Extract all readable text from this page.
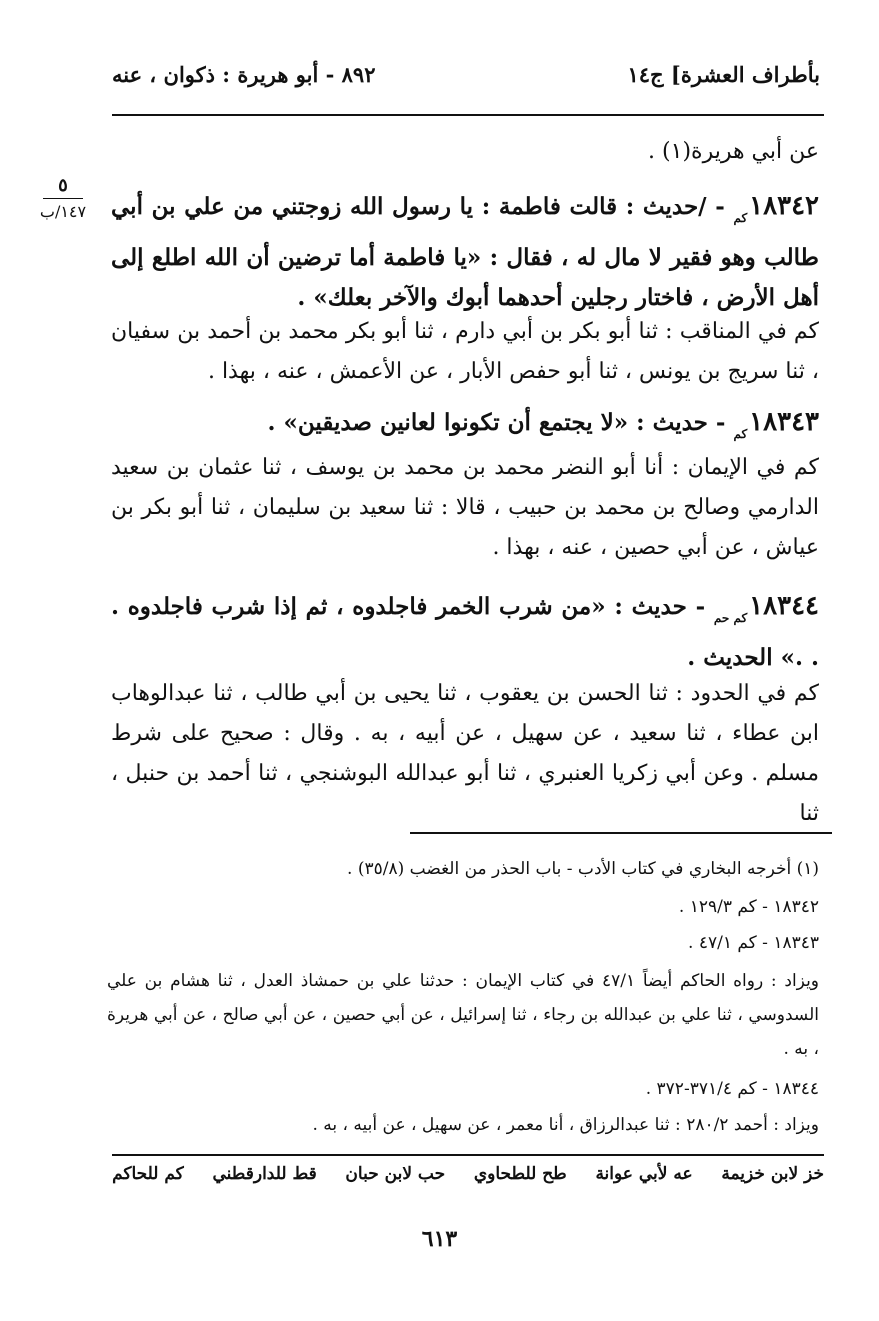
بأطراف العشرة] ج١٤
٨٩٢ - أبو هريرة : ذكوان ، عنه
٥
١٤٧/ب
عن أبي هريرة(١) .
١٨٣٤٢كم - /حديث : قالت فاطمة : يا رسول الله زوجتني من علي بن أبي طالب وهو فقير لا مال له ، فقال : «يا فاطمة أما ترضين أن الله اطلع إلى أهل الأرض ، فاختار رجلين أحدهما أبوك والآخر بعلك» .
كم في المناقب : ثنا أبو بكر بن أبي دارم ، ثنا أبو بكر محمد بن أحمد بن سفيان ، ثنا سريج بن يونس ، ثنا أبو حفص الأبار ، عن الأعمش ، عنه ، بهذا .
١٨٣٤٣كم - حديث : «لا يجتمع أن تكونوا لعانين صديقين» .
كم في الإيمان : أنا أبو النضر محمد بن محمد بن يوسف ، ثنا عثمان بن سعيد الدارمي وصالح بن محمد بن حبيب ، قالا : ثنا سعيد بن سليمان ، ثنا أبو بكر بن عياش ، عن أبي حصين ، عنه ، بهذا .
١٨٣٤٤كم حم - حديث : «من شرب الخمر فاجلدوه ، ثم إذا شرب فاجلدوه . . .» الحديث .
كم في الحدود : ثنا الحسن بن يعقوب ، ثنا يحيى بن أبي طالب ، ثنا عبدالوهاب ابن عطاء ، ثنا سعيد ، عن سهيل ، عن أبيه ، به . وقال : صحيح على شرط مسلم . وعن أبي زكريا العنبري ، ثنا أبو عبدالله البوشنجي ، ثنا أحمد بن حنبل ، ثنا
(١) أخرجه البخاري في كتاب الأدب - باب الحذر من الغضب (٣٥/٨) .
١٨٣٤٢ - كم ١٢٩/٣ .
١٨٣٤٣ - كم ٤٧/١ .
ويزاد : رواه الحاكم أيضاً ٤٧/١ في كتاب الإيمان : حدثنا علي بن حمشاذ العدل ، ثنا هشام بن علي السدوسي ، ثنا علي بن عبدالله بن رجاء ، ثنا إسرائيل ، عن أبي حصين ، عن أبي صالح ، عن أبي هريرة ، به .
١٨٣٤٤ - كم ٣٧١/٤-٣٧٢ .
ويزاد : أحمد ٢٨٠/٢ : ثنا عبدالرزاق ، أنا معمر ، عن سهيل ، عن أبيه ، به .
خز لابن خزيمة
عه لأبي عوانة
طح للطحاوي
حب لابن حبان
قط للدارقطني
كم للحاكم
٦١٣
